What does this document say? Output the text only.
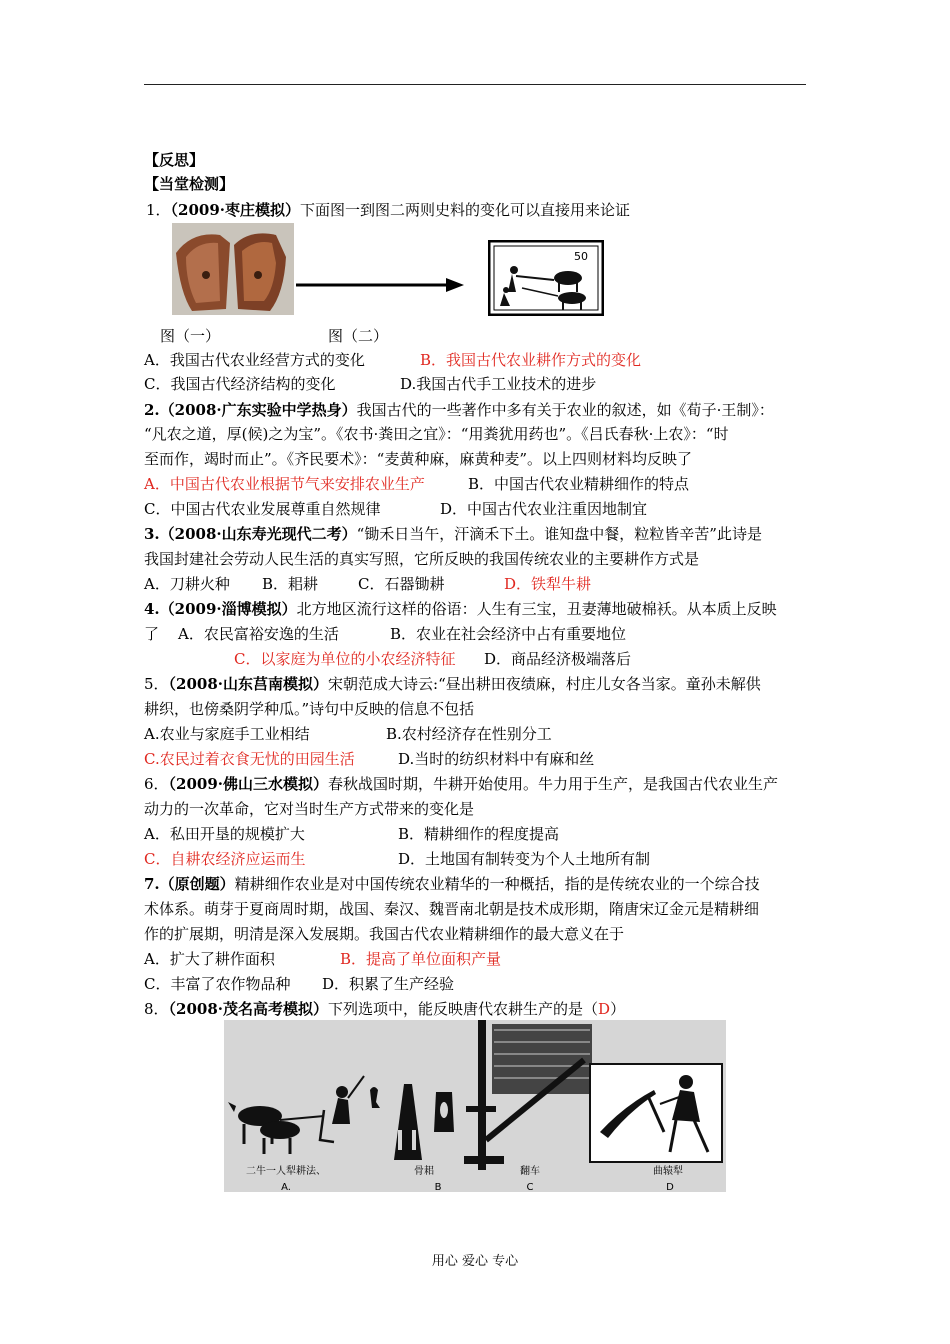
【反思】
【当堂检测】
1．（2009·枣庄模拟）下面图一到图二两则史料的变化可以直接用来论证
50
图（一）	图（二）
A．我国古代农业经营方式的变化	B．我国古代农业耕作方式的变化
C．我国古代经济结构的变化	D.我国古代手工业技术的进步
2.（2008·广东实验中学热身）我国古代的一些著作中多有关于农业的叙述，如《荀子·王制》：
“凡农之道，厚(候)之为宝”。《农书·粪田之宜》：“用粪犹用药也”。《吕氏春秋·上农》：“时
至而作，竭时而止”。《齐民要术》：“麦黄种麻，麻黄种麦”。以上四则材料均反映了
A．中国古代农业根据节气来安排农业生产	B．中国古代农业精耕细作的特点
C．中国古代农业发展尊重自然规律	D．中国古代农业注重因地制宜
3.（2008·山东寿光现代二考）“锄禾日当午，汗滴禾下土。谁知盘中餐，粒粒皆辛苦”此诗是
我国封建社会劳动人民生活的真实写照，它所反映的我国传统农业的主要耕作方式是
A．刀耕火种 B．耜耕	C．石器锄耕	D．铁犁牛耕
4.（2009·淄博模拟）北方地区流行这样的俗语：人生有三宝，丑妻薄地破棉袄。从本质上反映
了 A．农民富裕安逸的生活	B．农业在社会经济中占有重要地位
C．以家庭为单位的小农经济特征 D．商品经济极端落后
5．（2008·山东莒南模拟）宋朝范成大诗云:“昼出耕田夜绩麻，村庄儿女各当家。童孙未解供
耕织，也傍桑阴学种瓜。”诗句中反映的信息不包括
A.农业与家庭手工业相结	B.农村经济存在性别分工
C.农民过着衣食无忧的田园生活	D.当时的纺织材料中有麻和丝
6．（2009·佛山三水模拟）春秋战国时期，牛耕开始使用。牛力用于生产，是我国古代农业生产
动力的一次革命，它对当时生产方式带来的变化是
A．私田开垦的规模扩大	B．精耕细作的程度提高
C．自耕农经济应运而生	D．土地国有制转变为个人土地所有制
7.（原创题）精耕细作农业是对中国传统农业精华的一种概括，指的是传统农业的一个综合技
术体系。萌芽于夏商周时期，战国、秦汉、魏晋南北朝是技术成形期，隋唐宋辽金元是精耕细
作的扩展期，明清是深入发展期。我国古代农业精耕细作的最大意义在于
A．扩大了耕作面积	B．提高了单位面积产量
C．丰富了农作物品种 D．积累了生产经验
8．（2008·茂名高考模拟）下列选项中，能反映唐代农耕生产的是（D）
二牛一人犁耕法、
A.
骨耜
B
翻车
C
曲辕犁
D
用心 爱心 专心
